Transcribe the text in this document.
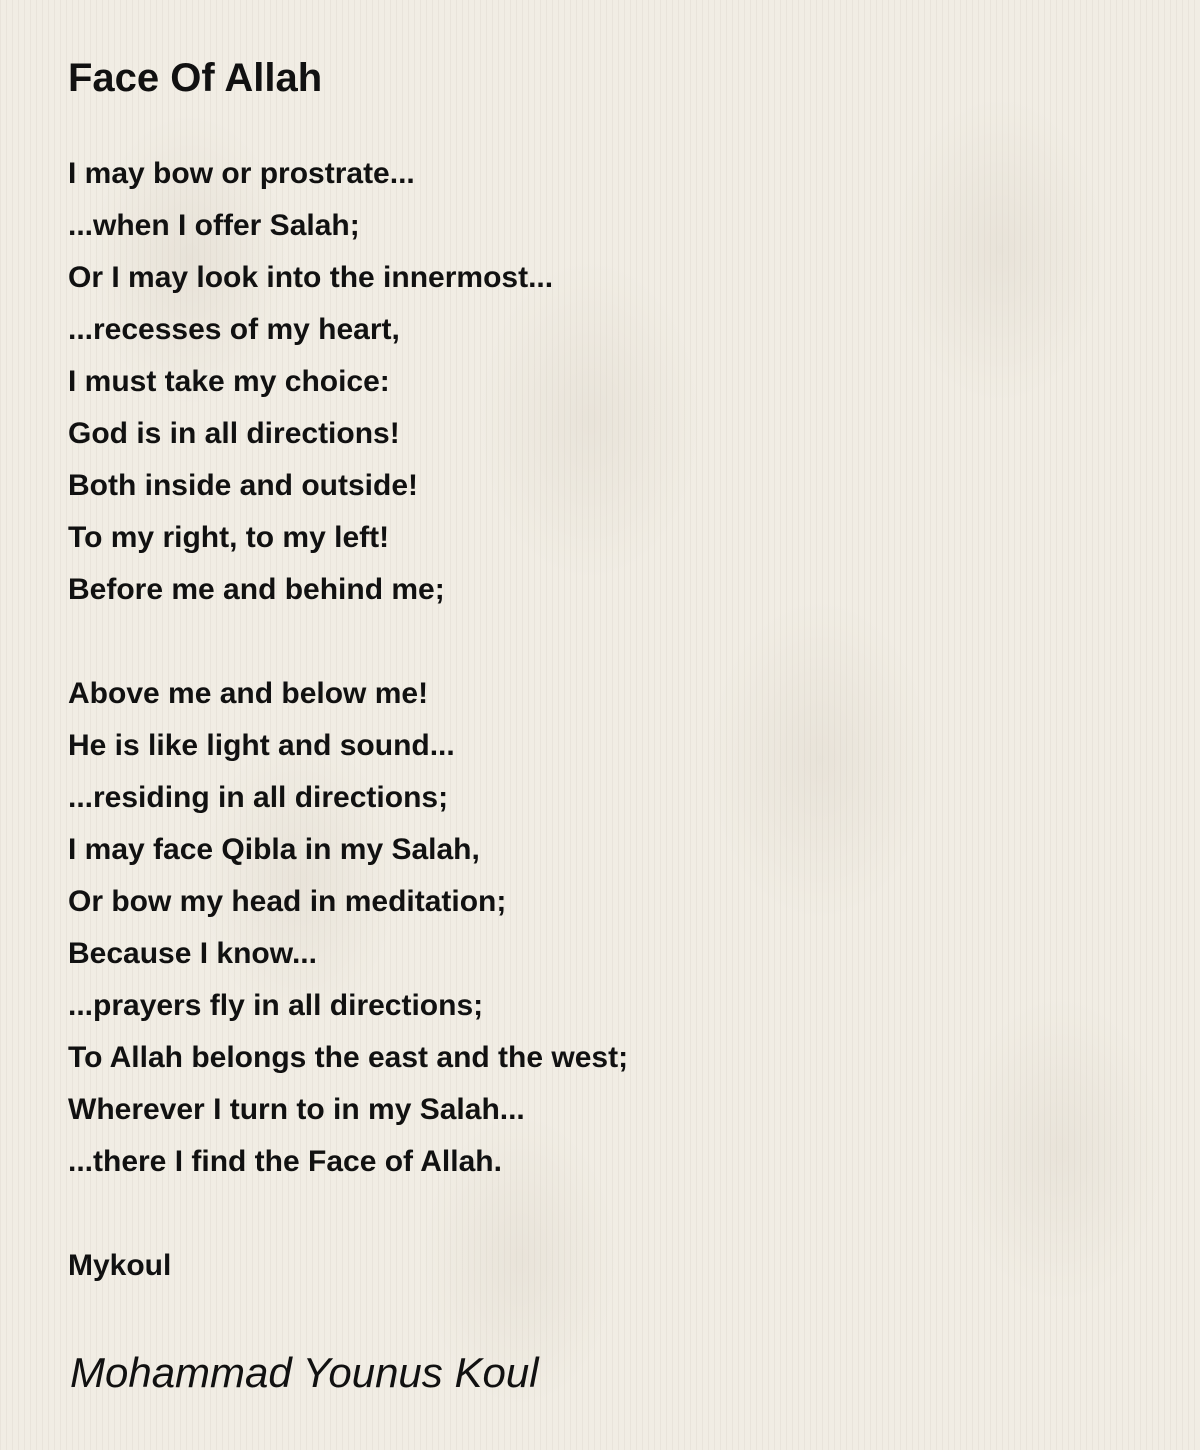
Face Of Allah
I may bow or prostrate...
...when I offer Salah;
Or I may look into the innermost...
...recesses of my heart,
I must take my choice:
God is in all directions!
Both inside and outside!
To my right, to my left!
Before me and behind me;
Above me and below me!
He is like light and sound...
...residing in all directions;
I may face Qibla in my Salah,
Or bow my head in meditation;
Because I know...
...prayers fly in all directions;
To Allah belongs the east and the west;
Wherever I turn to in my Salah...
...there I find the Face of Allah.
Mykoul
Mohammad Younus Koul
